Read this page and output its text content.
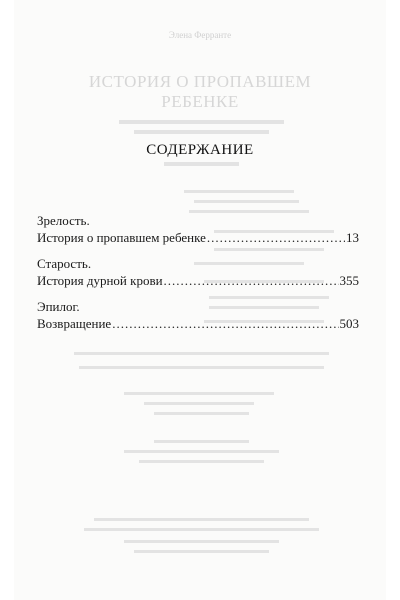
Элена Ферранте
ИСТОРИЯ О ПРОПАВШЕМ
РЕБЕНКЕ
СОДЕРЖАНИЕ
Зрелость.
История о пропавшем ребенке .....	13
Старость.
История дурной крови .....	355
Эпилог.
Возвращение .....	503
